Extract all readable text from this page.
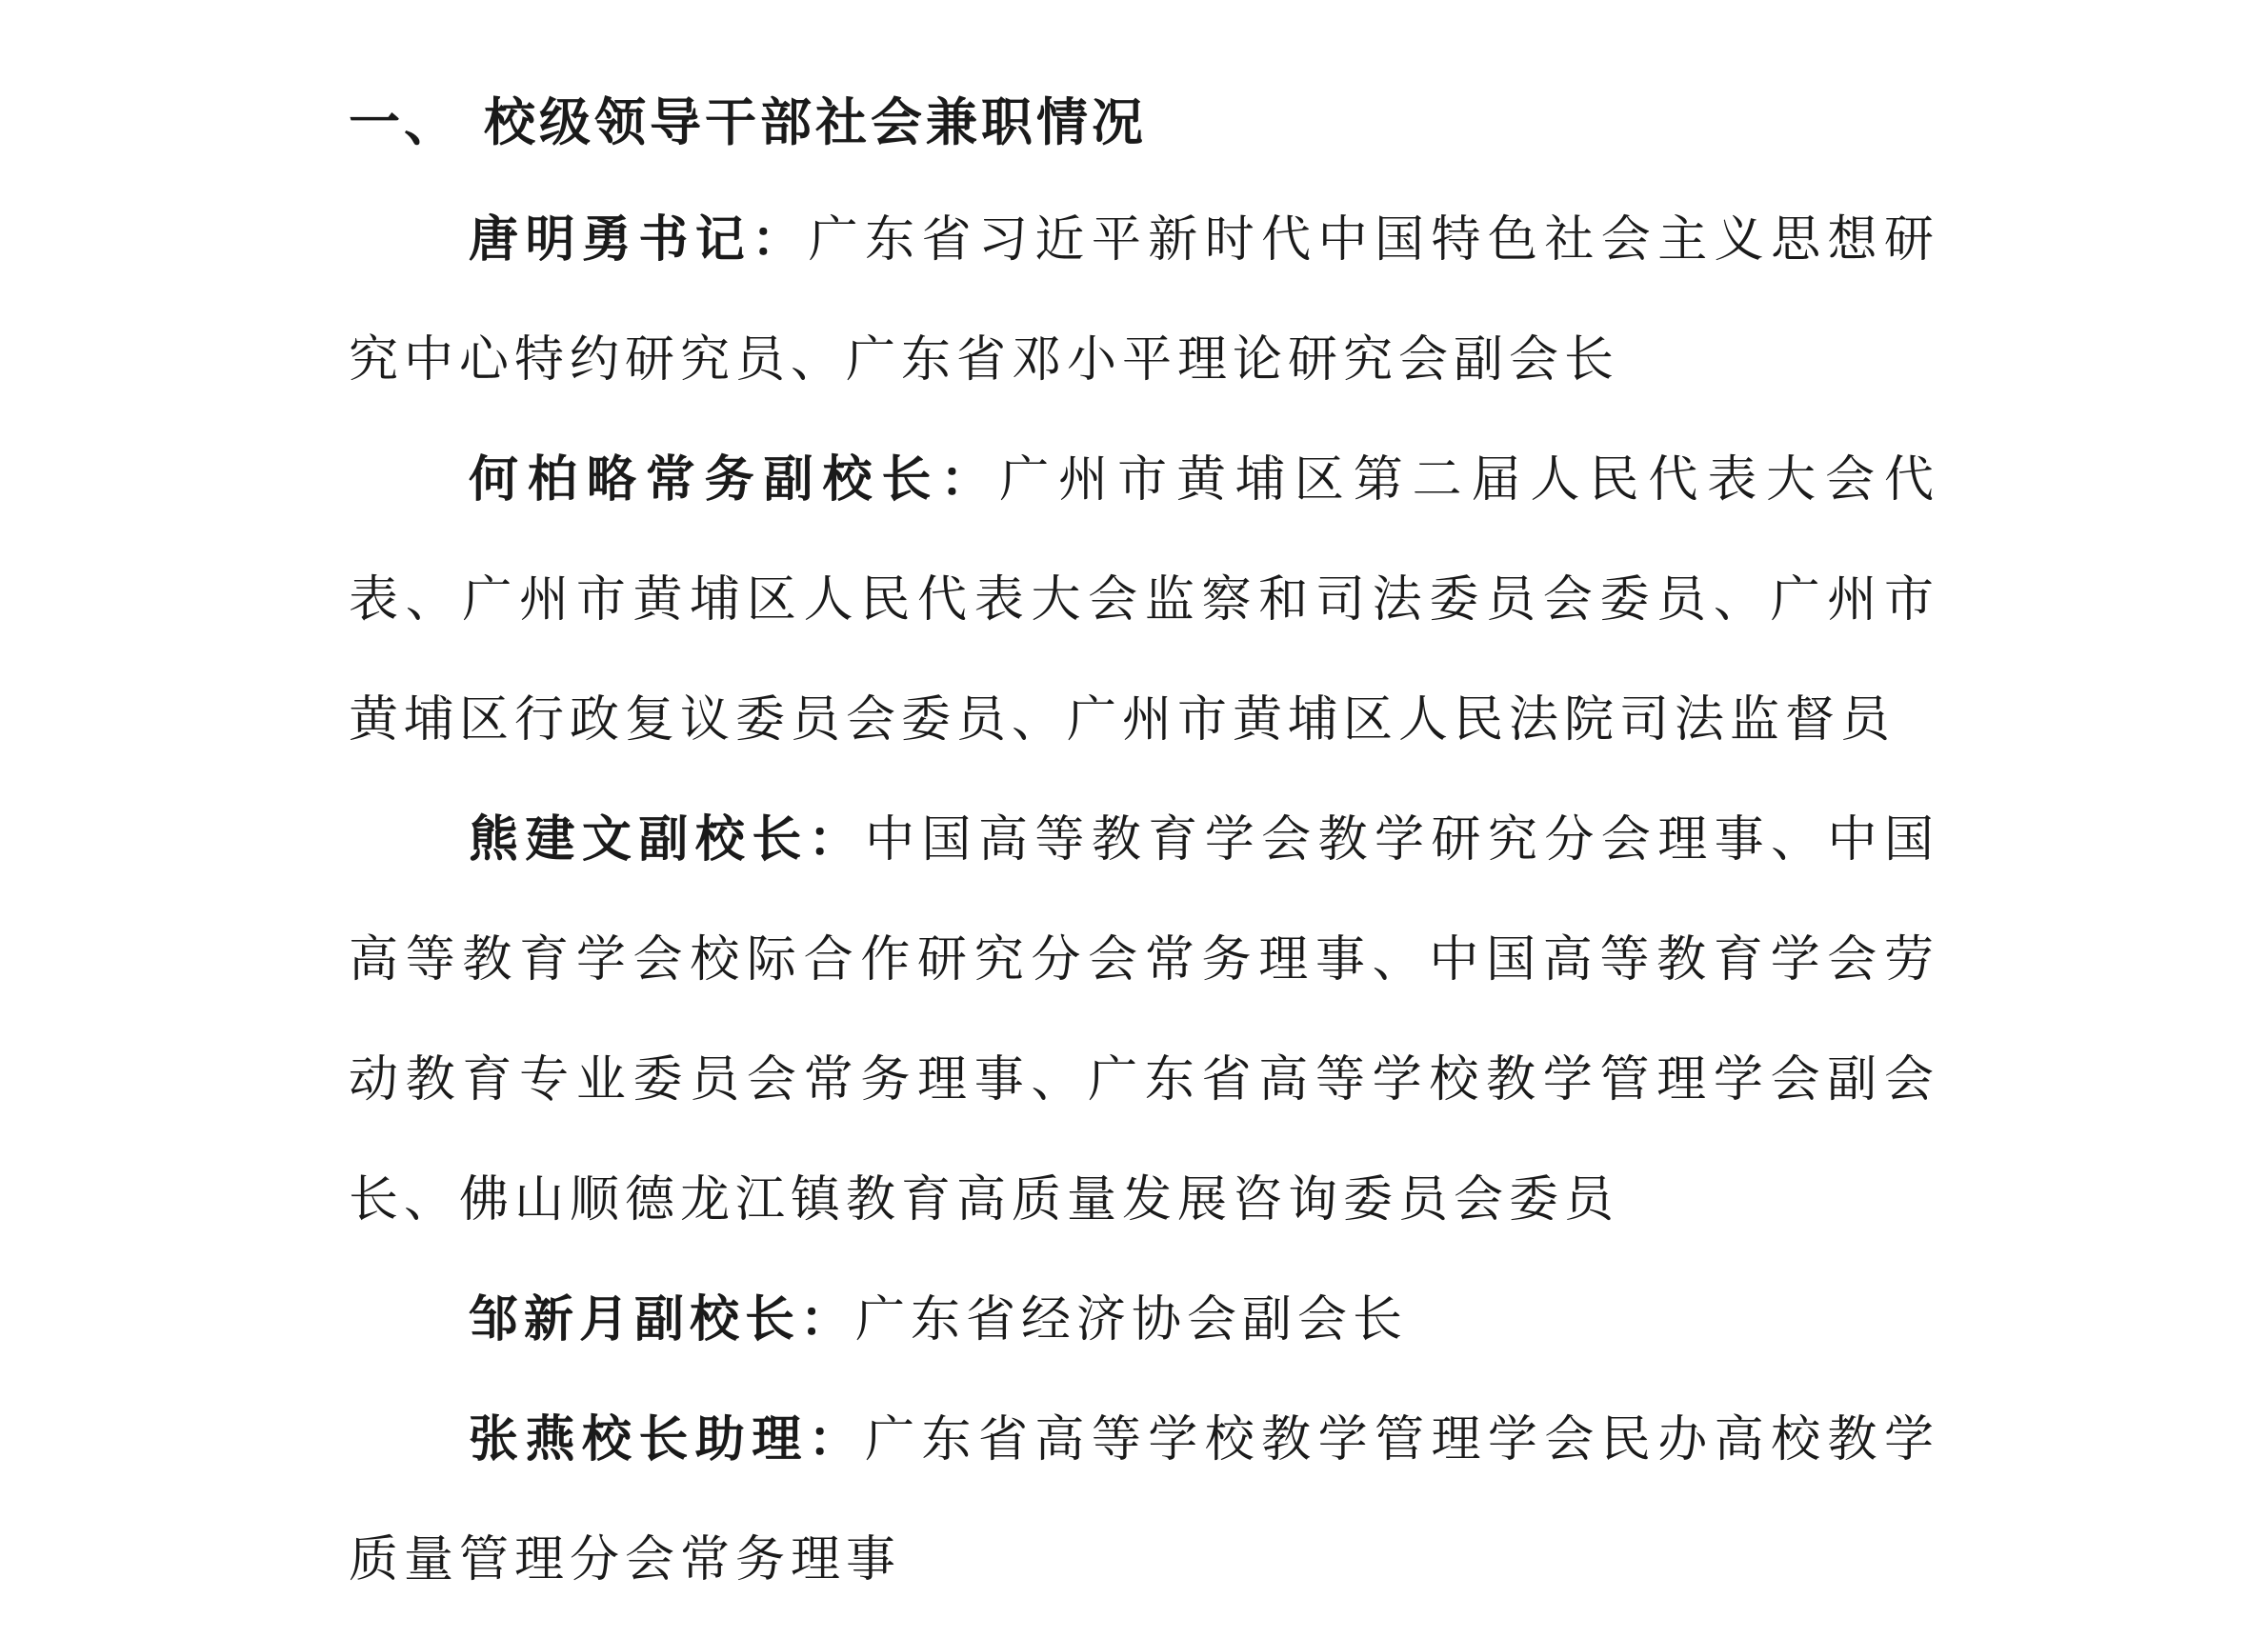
一、 校级领导干部社会兼职情况

唐明勇书记：广东省习近平新时代中国特色社会主义思想研究中心特约研究员、广东省邓小平理论研究会副会长

何柏略常务副校长：广州市黄埔区第二届人民代表大会代表、广州市黄埔区人民代表大会监察和司法委员会委员、广州市黄埔区行政复议委员会委员、广州市黄埔区人民法院司法监督员

熊建文副校长：中国高等教育学会教学研究分会理事、中国高等教育学会校际合作研究分会常务理事、中国高等教育学会劳动教育专业委员会常务理事、广东省高等学校教学管理学会副会长、佛山顺德龙江镇教育高质量发展咨询委员会委员

邹新月副校长：广东省经济协会副会长

张燕校长助理：广东省高等学校教学管理学会民办高校教学质量管理分会常务理事
